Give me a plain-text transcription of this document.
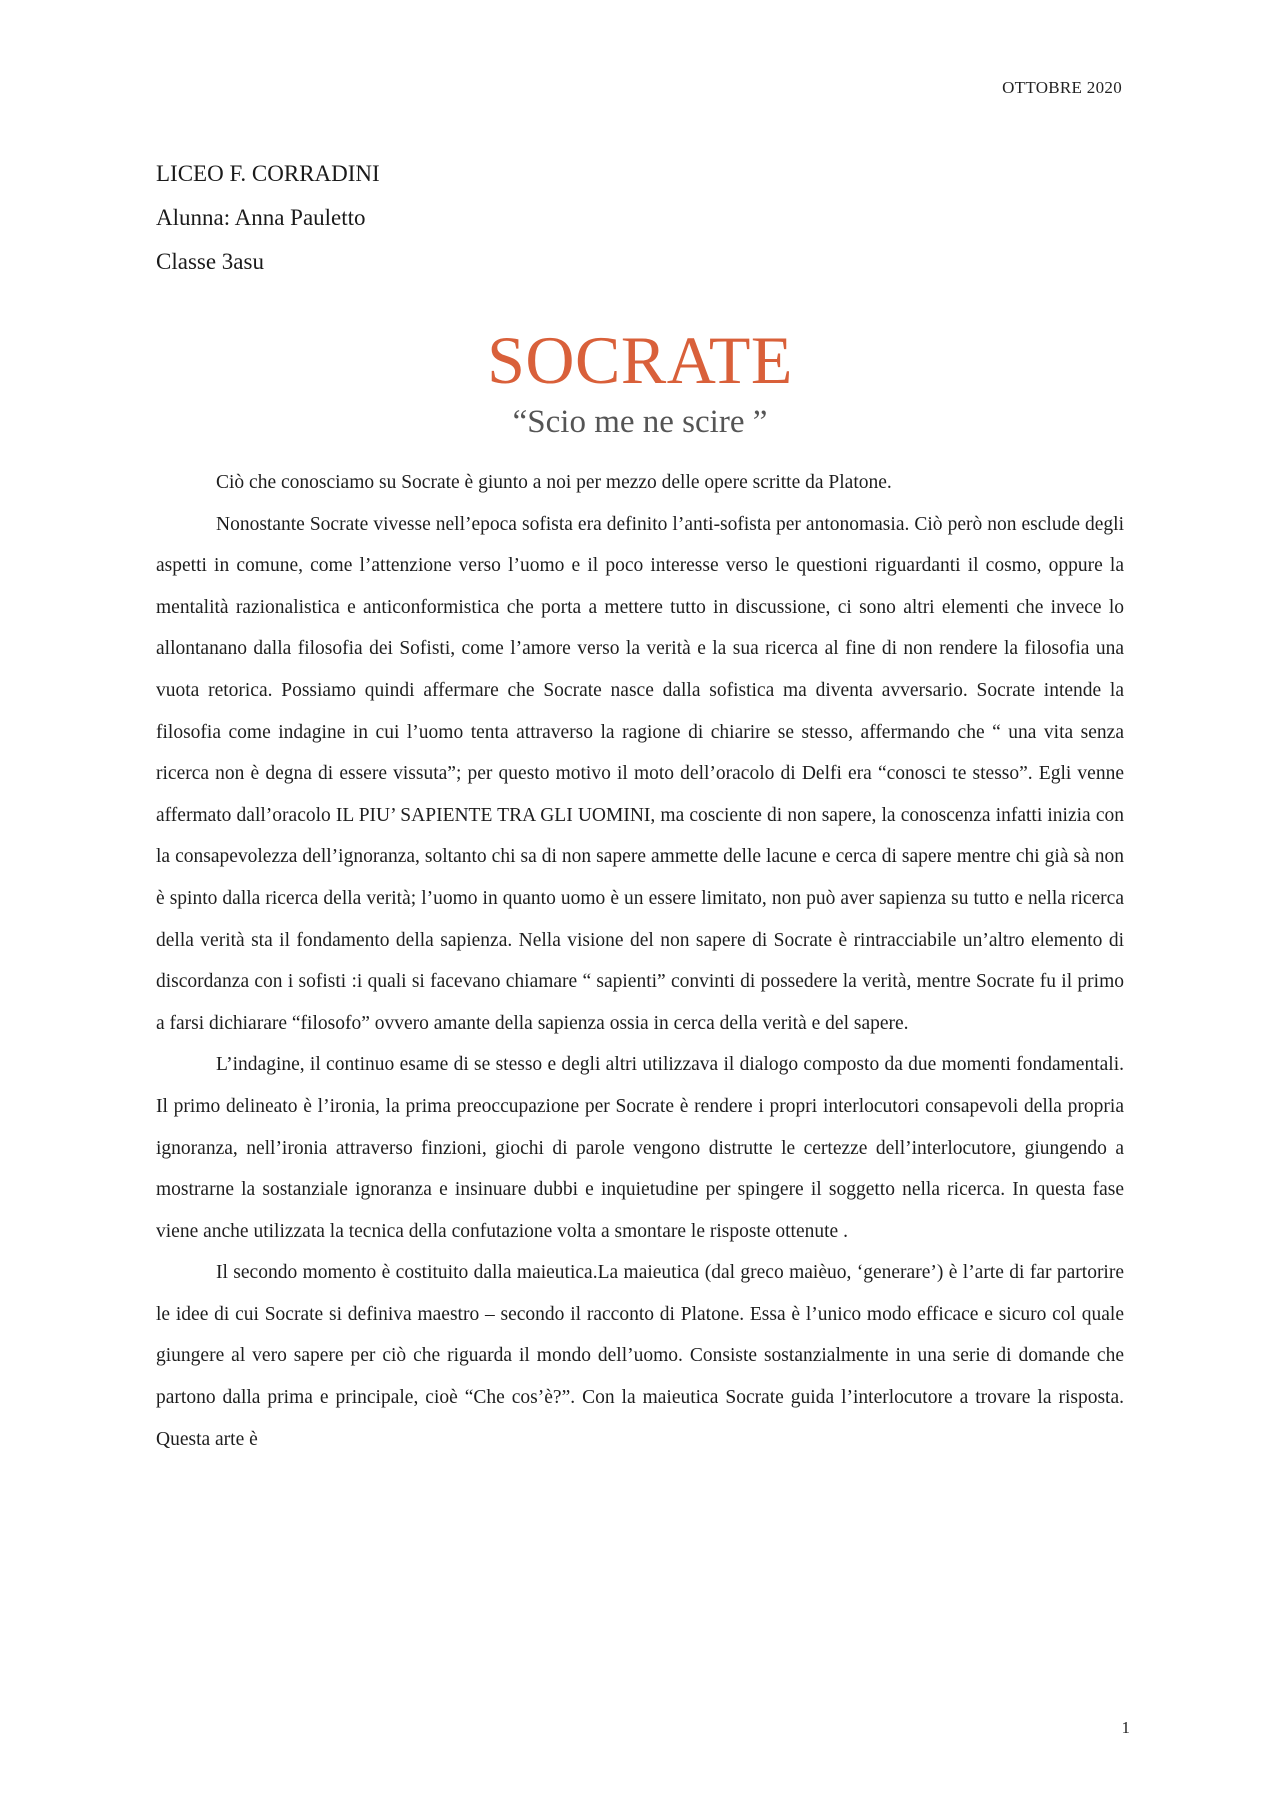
OTTOBRE 2020
LICEO F. CORRADINI
Alunna: Anna Pauletto
Classe 3asu
SOCRATE
“Scio me ne scire ”

Ciò che conosciamo su Socrate è giunto a noi per mezzo delle opere scritte da Platone.

Nonostante Socrate vivesse nell’epoca sofista era definito l’anti-sofista per antonomasia. Ciò però non esclude degli aspetti in comune, come l’attenzione verso l’uomo e il poco interesse verso le questioni riguardanti il cosmo, oppure la mentalità razionalistica e anticonformistica che porta a mettere tutto in discussione, ci sono altri elementi che invece lo allontanano dalla filosofia dei Sofisti, come l’amore verso la verità e la sua ricerca al fine di non rendere la filosofia una vuota retorica. Possiamo quindi affermare che Socrate nasce dalla sofistica ma diventa avversario. Socrate intende la filosofia come indagine in cui l’uomo tenta attraverso la ragione di chiarire se stesso, affermando che “ una vita senza ricerca non è degna di essere vissuta”; per questo motivo il moto dell’oracolo di Delfi era “conosci te stesso”. Egli venne affermato dall’oracolo IL PIU’ SAPIENTE TRA GLI UOMINI, ma cosciente di non sapere, la conoscenza infatti inizia con la consapevolezza dell’ignoranza, soltanto chi sa di non sapere ammette delle lacune e cerca di sapere mentre chi già sà non è spinto dalla ricerca della verità; l’uomo in quanto uomo è un essere limitato, non può aver sapienza su tutto e nella ricerca della verità sta il fondamento della sapienza. Nella visione del non sapere di Socrate è rintracciabile un’altro elemento di discordanza con i sofisti :i quali si facevano chiamare “ sapienti” convinti di possedere la verità, mentre Socrate fu il primo a farsi dichiarare “filosofo” ovvero amante della sapienza ossia in cerca della verità e del sapere.

L’indagine, il continuo esame di se stesso e degli altri utilizzava il dialogo composto da due momenti fondamentali. Il primo delineato è l’ironia, la prima preoccupazione per Socrate è rendere i propri interlocutori consapevoli della propria ignoranza, nell’ironia attraverso finzioni, giochi di parole vengono distrutte le certezze dell’interlocutore, giungendo a mostrarne la sostanziale ignoranza e insinuare dubbi e inquietudine per spingere il soggetto nella ricerca. In questa fase viene anche utilizzata la tecnica della confutazione volta a smontare le risposte ottenute .

Il secondo momento è costituito dalla maieutica.La maieutica (dal greco maièuo, ‘generare’) è l’arte di far partorire le idee di cui Socrate si definiva maestro – secondo il racconto di Platone. Essa è l’unico modo efficace e sicuro col quale giungere al vero sapere per ciò che riguarda il mondo dell’uomo. Consiste sostanzialmente in una serie di domande che partono dalla prima e principale, cioè “Che cos’è?”. Con la maieutica Socrate guida l’interlocutore a trovare la risposta. Questa arte è

1
